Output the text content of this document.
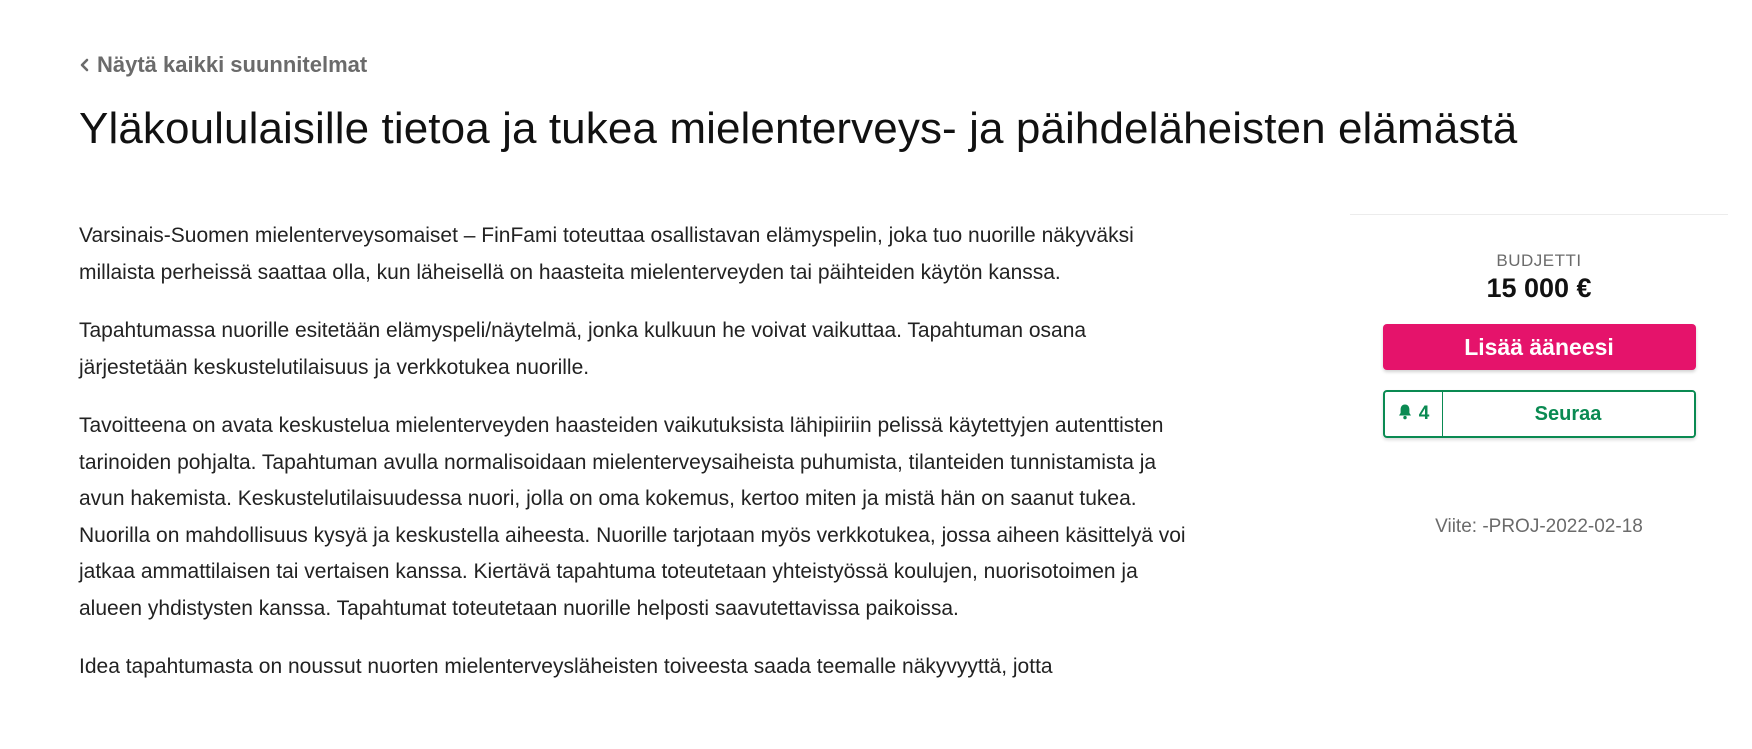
Näytä kaikki suunnitelmat
Yläkoululaisille tietoa ja tukea mielenterveys- ja päihdeläheisten elämästä

Varsinais-Suomen mielenterveysomaiset – FinFami toteuttaa osallistavan elämyspelin, joka tuo nuorille näkyväksi millaista perheissä saattaa olla, kun läheisellä on haasteita mielenterveyden tai päihteiden käytön kanssa.

Tapahtumassa nuorille esitetään elämyspeli/näytelmä, jonka kulkuun he voivat vaikuttaa. Tapahtuman osana järjestetään keskustelutilaisuus ja verkkotukea nuorille.

Tavoitteena on avata keskustelua mielenterveyden haasteiden vaikutuksista lähipiiriin pelissä käytettyjen autenttisten tarinoiden pohjalta. Tapahtuman avulla normalisoidaan mielenterveysaiheista puhumista, tilanteiden tunnistamista ja avun hakemista. Keskustelutilaisuudessa nuori, jolla on oma kokemus, kertoo miten ja mistä hän on saanut tukea. Nuorilla on mahdollisuus kysyä ja keskustella aiheesta. Nuorille tarjotaan myös verkkotukea, jossa aiheen käsittelyä voi jatkaa ammattilaisen tai vertaisen kanssa. Kiertävä tapahtuma toteutetaan yhteistyössä koulujen, nuorisotoimen ja alueen yhdistysten kanssa. Tapahtumat toteutetaan nuorille helposti saavutettavissa paikoissa.

Idea tapahtumasta on noussut nuorten mielenterveysläheisten toiveesta saada teemalle näkyvyyttä, jotta

BUDJETTI
15 000 €
Lisää ääneesi
4	Seuraa
Viite: -PROJ-2022-02-18
